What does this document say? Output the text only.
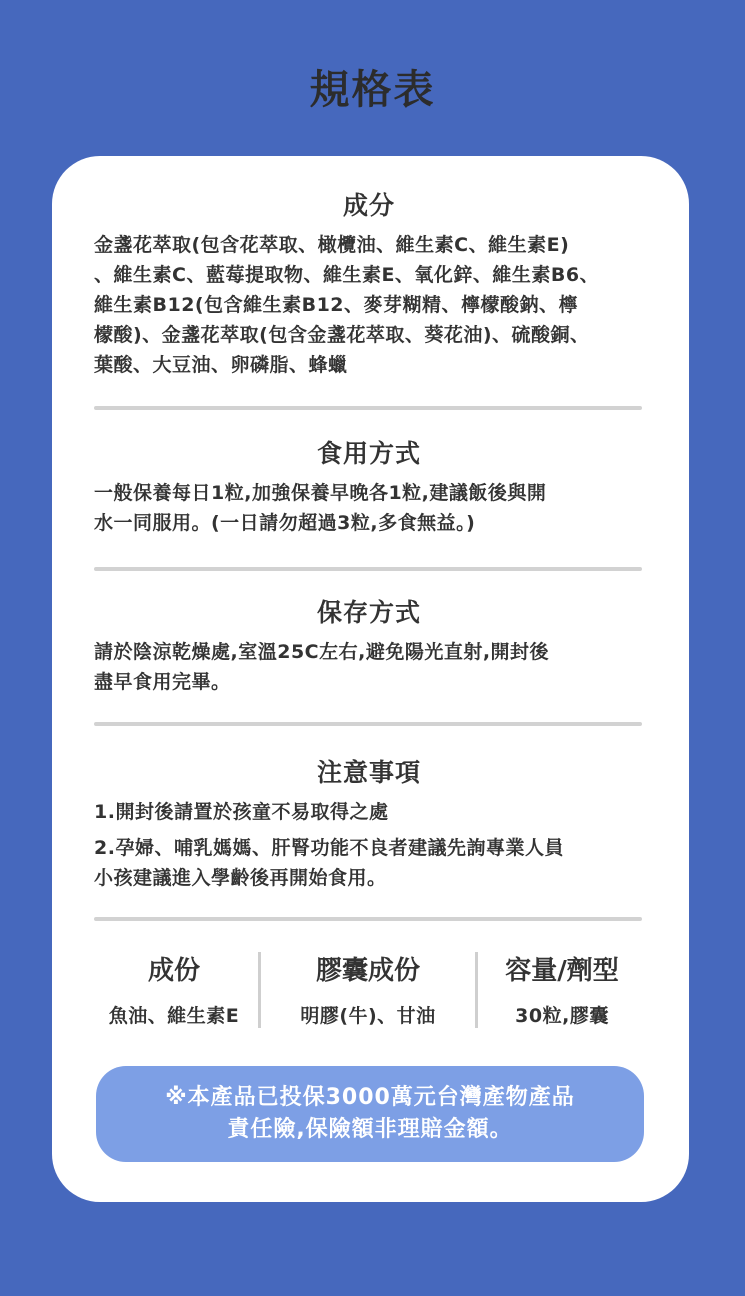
規格表
成分

金盞花萃取(包含花萃取、橄欖油、維生素C、維生素E)

、維生素C、藍莓提取物、維生素E、氧化鋅、維生素B6、

維生素B12(包含維生素B12、麥芽糊精、檸檬酸鈉、檸

檬酸)、金盞花萃取(包含金盞花萃取、葵花油)、硫酸銅、

葉酸、大豆油、卵磷脂、蜂蠟

食用方式

一般保養每日1粒,加強保養早晚各1粒,建議飯後與開

水一同服用。(一日請勿超過3粒,多食無益。)

保存方式

請於陰涼乾燥處,室溫25C左右,避免陽光直射,開封後

盡早食用完畢。

注意事項

1.開封後請置於孩童不易取得之處

2.孕婦、哺乳媽媽、肝腎功能不良者建議先詢專業人員

小孩建議進入學齡後再開始食用。

成份
魚油、維生素E
膠囊成份
明膠(牛)、甘油
容量/劑型
30粒,膠囊
※本產品已投保3000萬元台灣產物產品
責任險,保險額非理賠金額。
